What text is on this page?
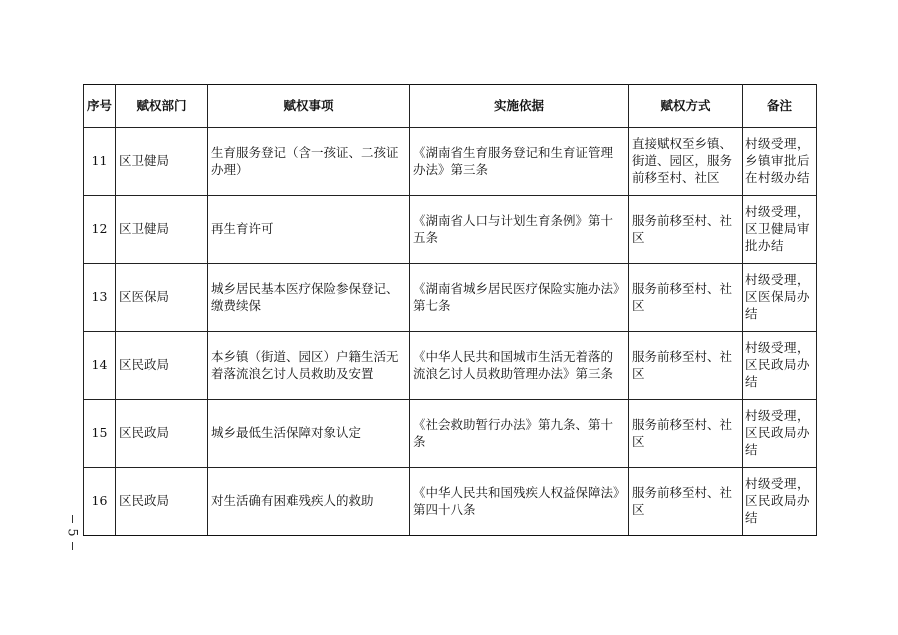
序号	赋权部门	赋权事项	实施依据	赋权方式	备注
11	区卫健局	生育服务登记（含一孩证、二孩证办理）	《湖南省生育服务登记和生育证管理办法》第三条	直接赋权至乡镇、街道、园区，服务前移至村、社区	村级受理，乡镇审批后在村级办结
12	区卫健局	再生育许可	《湖南省人口与计划生育条例》第十五条	服务前移至村、社区	村级受理，区卫健局审批办结
13	区医保局	城乡居民基本医疗保险参保登记、缴费续保	《湖南省城乡居民医疗保险实施办法》第七条	服务前移至村、社区	村级受理，区医保局办结
14	区民政局	本乡镇（街道、园区）户籍生活无着落流浪乞讨人员救助及安置	《中华人民共和国城市生活无着落的流浪乞讨人员救助管理办法》第三条	服务前移至村、社区	村级受理，区民政局办结
15	区民政局	城乡最低生活保障对象认定	《社会救助暂行办法》第九条、第十条	服务前移至村、社区	村级受理，区民政局办结
16	区民政局	对生活确有困难残疾人的救助	《中华人民共和国残疾人权益保障法》第四十八条	服务前移至村、社区	村级受理，区民政局办结
5
